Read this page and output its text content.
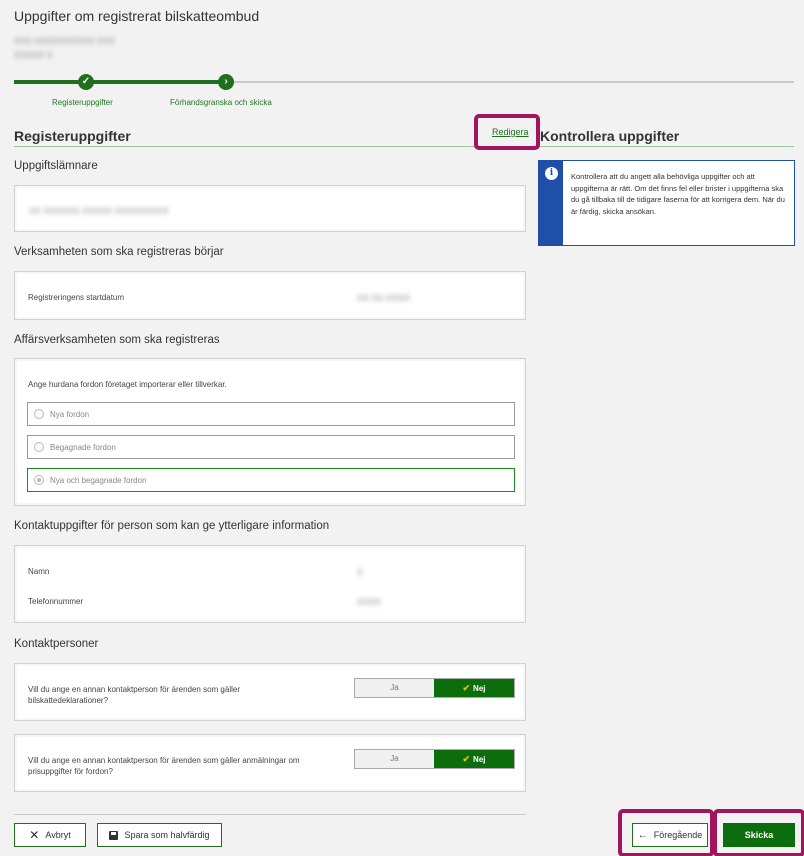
Uppgifter om registrerat bilskatteombud
XXX XXXXXXXXXX XXX
XXXXX X
✓	›
Registeruppgifter	Förhandsgranska och skicka
Registeruppgifter	Redigera Kontrollera uppgifter
i	Kontrollera att du angett alla behövliga uppgifter och att uppgifterna är rätt. Om det finns fel eller brister i uppgifterna ska du gå tillbaka till de tidigare faserna för att korrigera dem. När du är färdig, skicka ansökan.
Uppgiftslämnare
XX XXXXXX XXXXX XXXXXXXXX
Verksamheten som ska registreras börjar
Registreringens startdatum	XX.XX.XXXX
Affärsverksamheten som ska registreras
Ange hurdana fordon företaget importerar eller tillverkar.
Nya fordon
Begagnade fordon
Nya och begagnade fordon
Kontaktuppgifter för person som kan ge ytterligare information
Namn	X
Telefonnummer	XXXX
Kontaktpersoner
Vill du ange en annan kontaktperson för ärenden som gäller bilskattedeklarationer?
Ja	✔ Nej
Vill du ange en annan kontaktperson för ärenden som gäller anmälningar om prisuppgifter för fordon?
Ja	✔ Nej
✕ Avbryt	Spara som halvfärdig	← Föregående	Skicka
